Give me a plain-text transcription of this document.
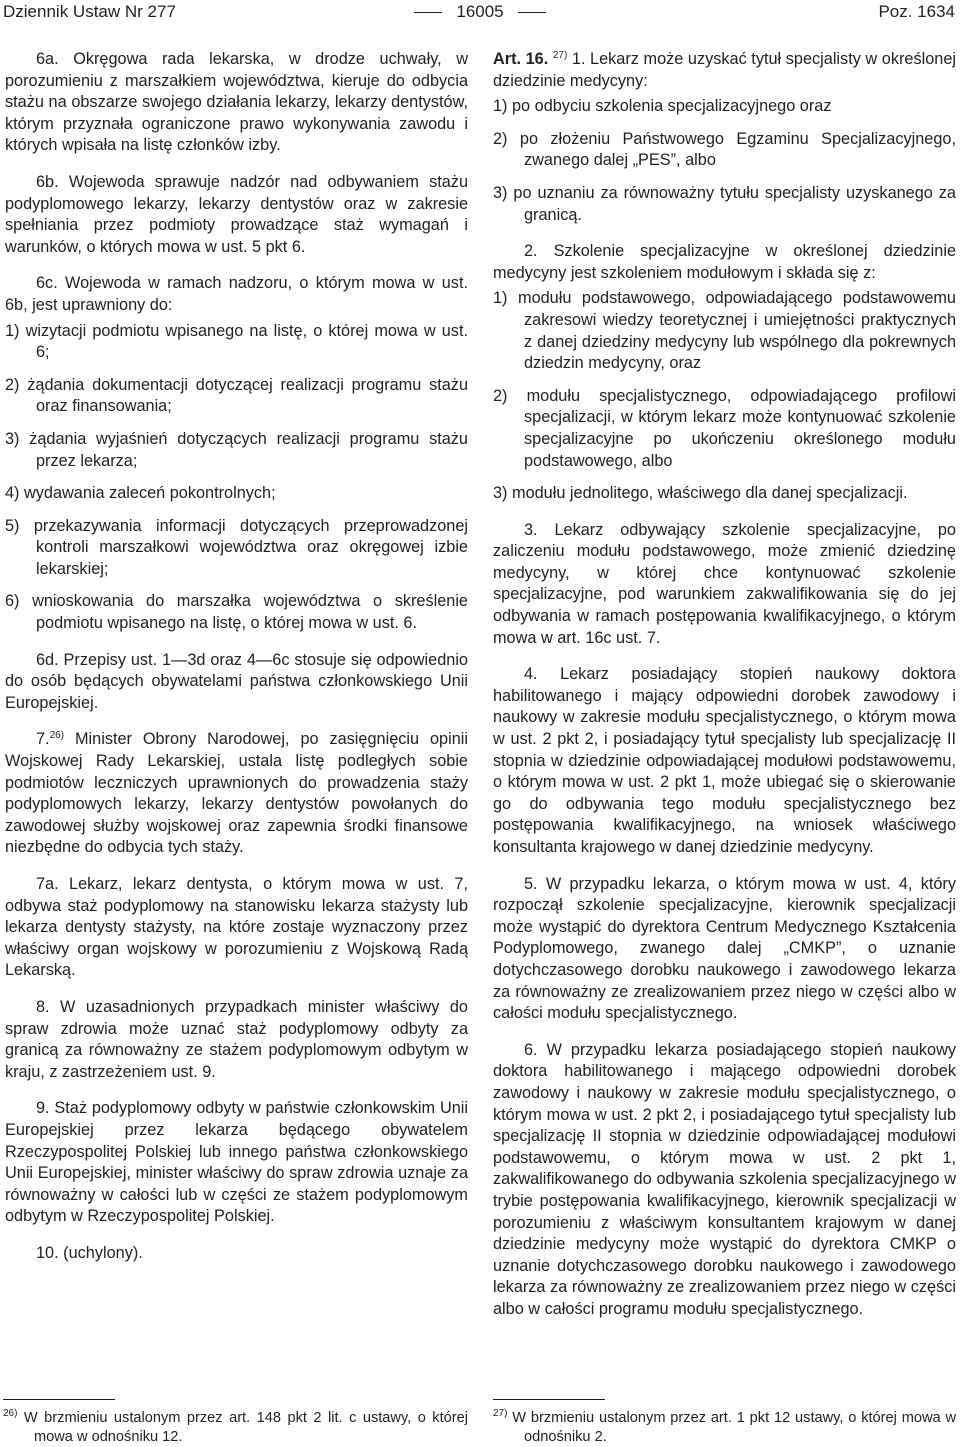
Dziennik Ustaw Nr 277	16005	Poz. 1634

6a. Okręgowa rada lekarska, w drodze uchwały, w porozumieniu z marszałkiem województwa, kieruje do odbycia stażu na obszarze swojego działania lekarzy, lekarzy dentystów, którym przyznała ograniczone prawo wykonywania zawodu i których wpisała na listę członków izby.

6b. Wojewoda sprawuje nadzór nad odbywaniem stażu podyplomowego lekarzy, lekarzy dentystów oraz w zakresie spełniania przez podmioty prowadzące staż wymagań i warunków, o których mowa w ust. 5 pkt 6.

6c. Wojewoda w ramach nadzoru, o którym mowa w ust. 6b, jest uprawniony do:

1) wizytacji podmiotu wpisanego na listę, o której mowa w ust. 6;

2) żądania dokumentacji dotyczącej realizacji programu stażu oraz finansowania;

3) żądania wyjaśnień dotyczących realizacji programu stażu przez lekarza;

4) wydawania zaleceń pokontrolnych;

5) przekazywania informacji dotyczących przeprowadzonej kontroli marszałkowi województwa oraz okręgowej izbie lekarskiej;

6) wnioskowania do marszałka województwa o skreślenie podmiotu wpisanego na listę, o której mowa w ust. 6.

6d. Przepisy ust. 1—3d oraz 4—6c stosuje się odpowiednio do osób będących obywatelami państwa członkowskiego Unii Europejskiej.

7.$^{26)}$ Minister Obrony Narodowej, po zasięgnięciu opinii Wojskowej Rady Lekarskiej, ustala listę podległych sobie podmiotów leczniczych uprawnionych do prowadzenia staży podyplomowych lekarzy, lekarzy dentystów powołanych do zawodowej służby wojskowej oraz zapewnia środki finansowe niezbędne do odbycia tych staży.

7a. Lekarz, lekarz dentysta, o którym mowa w ust. 7, odbywa staż podyplomowy na stanowisku lekarza stażysty lub lekarza dentysty stażysty, na które zostaje wyznaczony przez właściwy organ wojskowy w porozumieniu z Wojskową Radą Lekarską.

8. W uzasadnionych przypadkach minister właściwy do spraw zdrowia może uznać staż podyplomowy odbyty za granicą za równoważny ze stażem podyplomowym odbytym w kraju, z zastrzeżeniem ust. 9.

9. Staż podyplomowy odbyty w państwie członkowskim Unii Europejskiej przez lekarza będącego obywatelem Rzeczypospolitej Polskiej lub innego państwa członkowskiego Unii Europejskiej, minister właściwy do spraw zdrowia uznaje za równoważny w całości lub w części ze stażem podyplomowym odbytym w Rzeczypospolitej Polskiej.

10. (uchylony).

$^{26)}$ W brzmieniu ustalonym przez art. 148 pkt 2 lit. c ustawy, o której mowa w odnośniku 12.

Art. 16. $^{27)}$ 1. Lekarz może uzyskać tytuł specjalisty w określonej dziedzinie medycyny:

1) po odbyciu szkolenia specjalizacyjnego oraz

2) po złożeniu Państwowego Egzaminu Specjalizacyjnego, zwanego dalej „PES”, albo

3) po uznaniu za równoważny tytułu specjalisty uzyskanego za granicą.

2. Szkolenie specjalizacyjne w określonej dziedzinie medycyny jest szkoleniem modułowym i składa się z:

1) modułu podstawowego, odpowiadającego podstawowemu zakresowi wiedzy teoretycznej i umiejętności praktycznych z danej dziedziny medycyny lub wspólnego dla pokrewnych dziedzin medycyny, oraz

2) modułu specjalistycznego, odpowiadającego profilowi specjalizacji, w którym lekarz może kontynuować szkolenie specjalizacyjne po ukończeniu określonego modułu podstawowego, albo

3) modułu jednolitego, właściwego dla danej specjalizacji.

3. Lekarz odbywający szkolenie specjalizacyjne, po zaliczeniu modułu podstawowego, może zmienić dziedzinę medycyny, w której chce kontynuować szkolenie specjalizacyjne, pod warunkiem zakwalifikowania się do jej odbywania w ramach postępowania kwalifikacyjnego, o którym mowa w art. 16c ust. 7.

4. Lekarz posiadający stopień naukowy doktora habilitowanego i mający odpowiedni dorobek zawodowy i naukowy w zakresie modułu specjalistycznego, o którym mowa w ust. 2 pkt 2, i posiadający tytuł specjalisty lub specjalizację II stopnia w dziedzinie odpowiadającej modułowi podstawowemu, o którym mowa w ust. 2 pkt 1, może ubiegać się o skierowanie go do odbywania tego modułu specjalistycznego bez postępowania kwalifikacyjnego, na wniosek właściwego konsultanta krajowego w danej dziedzinie medycyny.

5. W przypadku lekarza, o którym mowa w ust. 4, który rozpoczął szkolenie specjalizacyjne, kierownik specjalizacji może wystąpić do dyrektora Centrum Medycznego Kształcenia Podyplomowego, zwanego dalej „CMKP”, o uznanie dotychczasowego dorobku naukowego i zawodowego lekarza za równoważny ze zrealizowaniem przez niego w części albo w całości modułu specjalistycznego.

6. W przypadku lekarza posiadającego stopień naukowy doktora habilitowanego i mającego odpowiedni dorobek zawodowy i naukowy w zakresie modułu specjalistycznego, o którym mowa w ust. 2 pkt 2, i posiadającego tytuł specjalisty lub specjalizację II stopnia w dziedzinie odpowiadającej modułowi podstawowemu, o którym mowa w ust. 2 pkt 1, zakwalifikowanego do odbywania szkolenia specjalizacyjnego w trybie postępowania kwalifikacyjnego, kierownik specjalizacji w porozumieniu z właściwym konsultantem krajowym w danej dziedzinie medycyny może wystąpić do dyrektora CMKP o uznanie dotychczasowego dorobku naukowego i zawodowego lekarza za równoważny ze zrealizowaniem przez niego w części albo w całości programu modułu specjalistycznego.

$^{27)}$ W brzmieniu ustalonym przez art. 1 pkt 12 ustawy, o której mowa w odnośniku 2.
